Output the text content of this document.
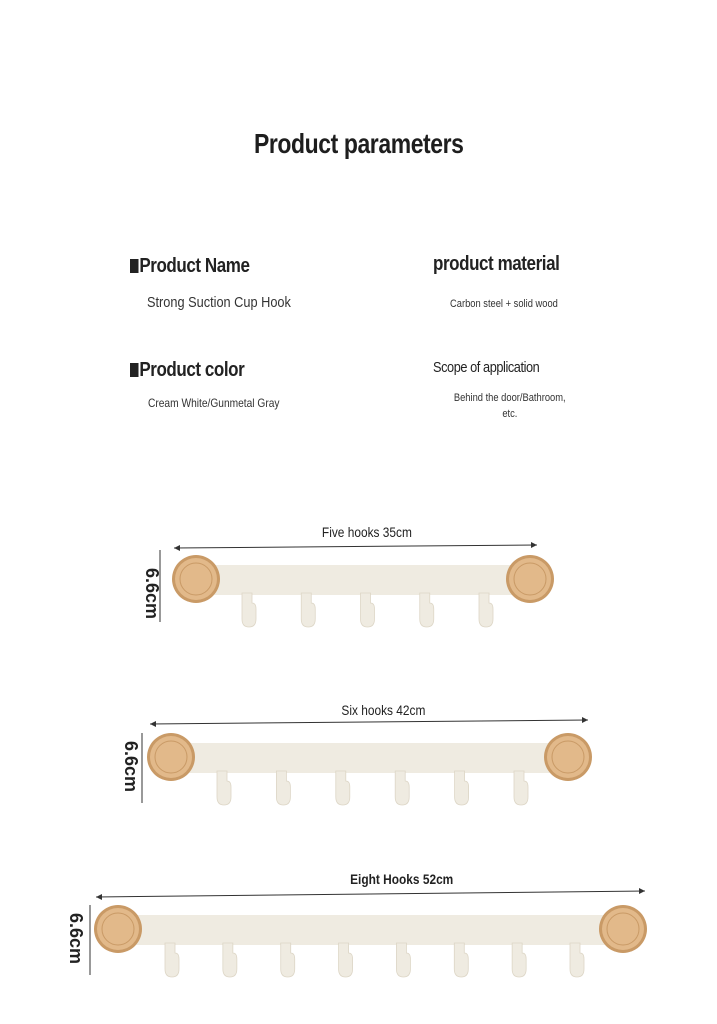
Product parameters
Product Name
Strong Suction Cup Hook
product material
Carbon steel + solid wood
Product color
Cream White/Gunmetal Gray
Scope of application
Behind the door/Bathroom,
etc.
Five hooks 35cm
6.6cm
Six hooks 42cm
6.6cm
Eight Hooks 52cm
6.6cm
